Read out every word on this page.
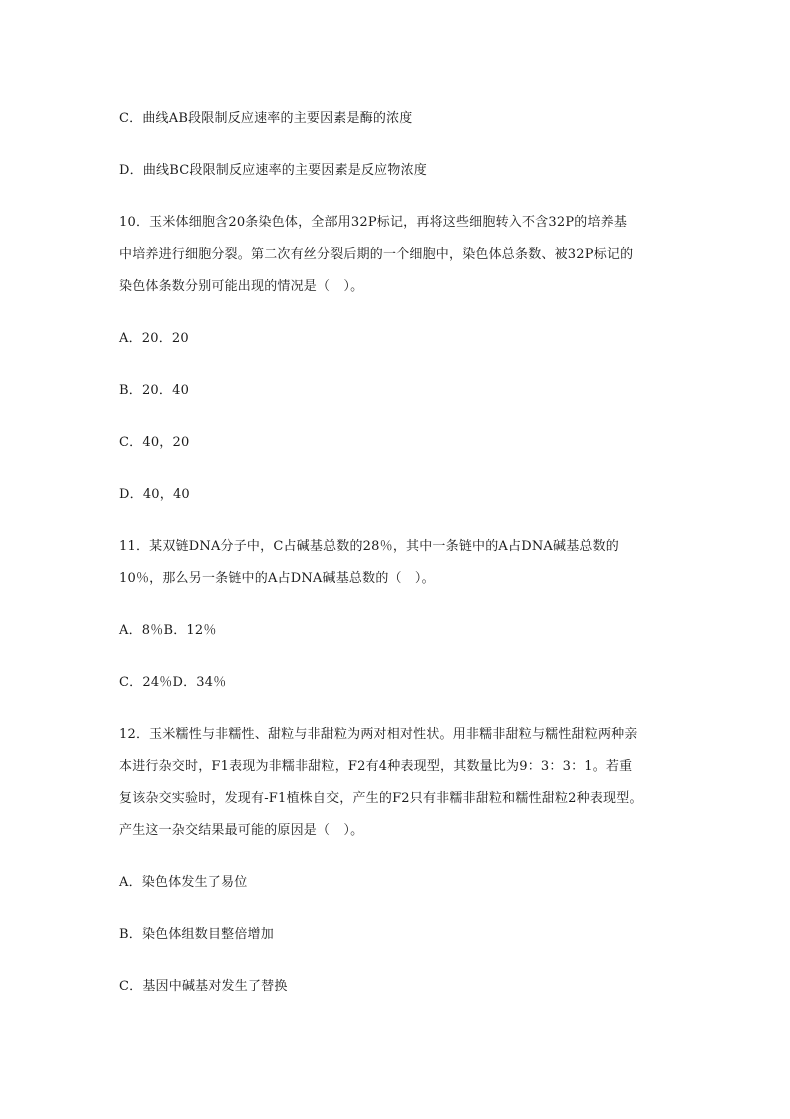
C．曲线AB段限制反应速率的主要因素是酶的浓度
D．曲线BC段限制反应速率的主要因素是反应物浓度
10．玉米体细胞含20条染色体，全部用32P标记，再将这些细胞转入不含32P的培养基
中培养进行细胞分裂。第二次有丝分裂后期的一个细胞中，染色体总条数、被32P标记的
染色体条数分别可能出现的情况是（　）。
A．20．20
B．20．40
C．40，20
D．40，40
11．某双链DNA分子中，C占碱基总数的28％，其中一条链中的A占DNA碱基总数的
10％，那么另一条链中的A占DNA碱基总数的（　）。
A．8％B．12％
C．24％D．34％
12．玉米糯性与非糯性、甜粒与非甜粒为两对相对性状。用非糯非甜粒与糯性甜粒两种亲
本进行杂交时，F1表现为非糯非甜粒，F2有4种表现型，其数量比为9：3：3：1。若重
复该杂交实验时，发现有-F1植株自交，产生的F2只有非糯非甜粒和糯性甜粒2种表现型。
产生这一杂交结果最可能的原因是（　）。
A．染色体发生了易位
B．染色体组数目整倍增加
C．基因中碱基对发生了替换
